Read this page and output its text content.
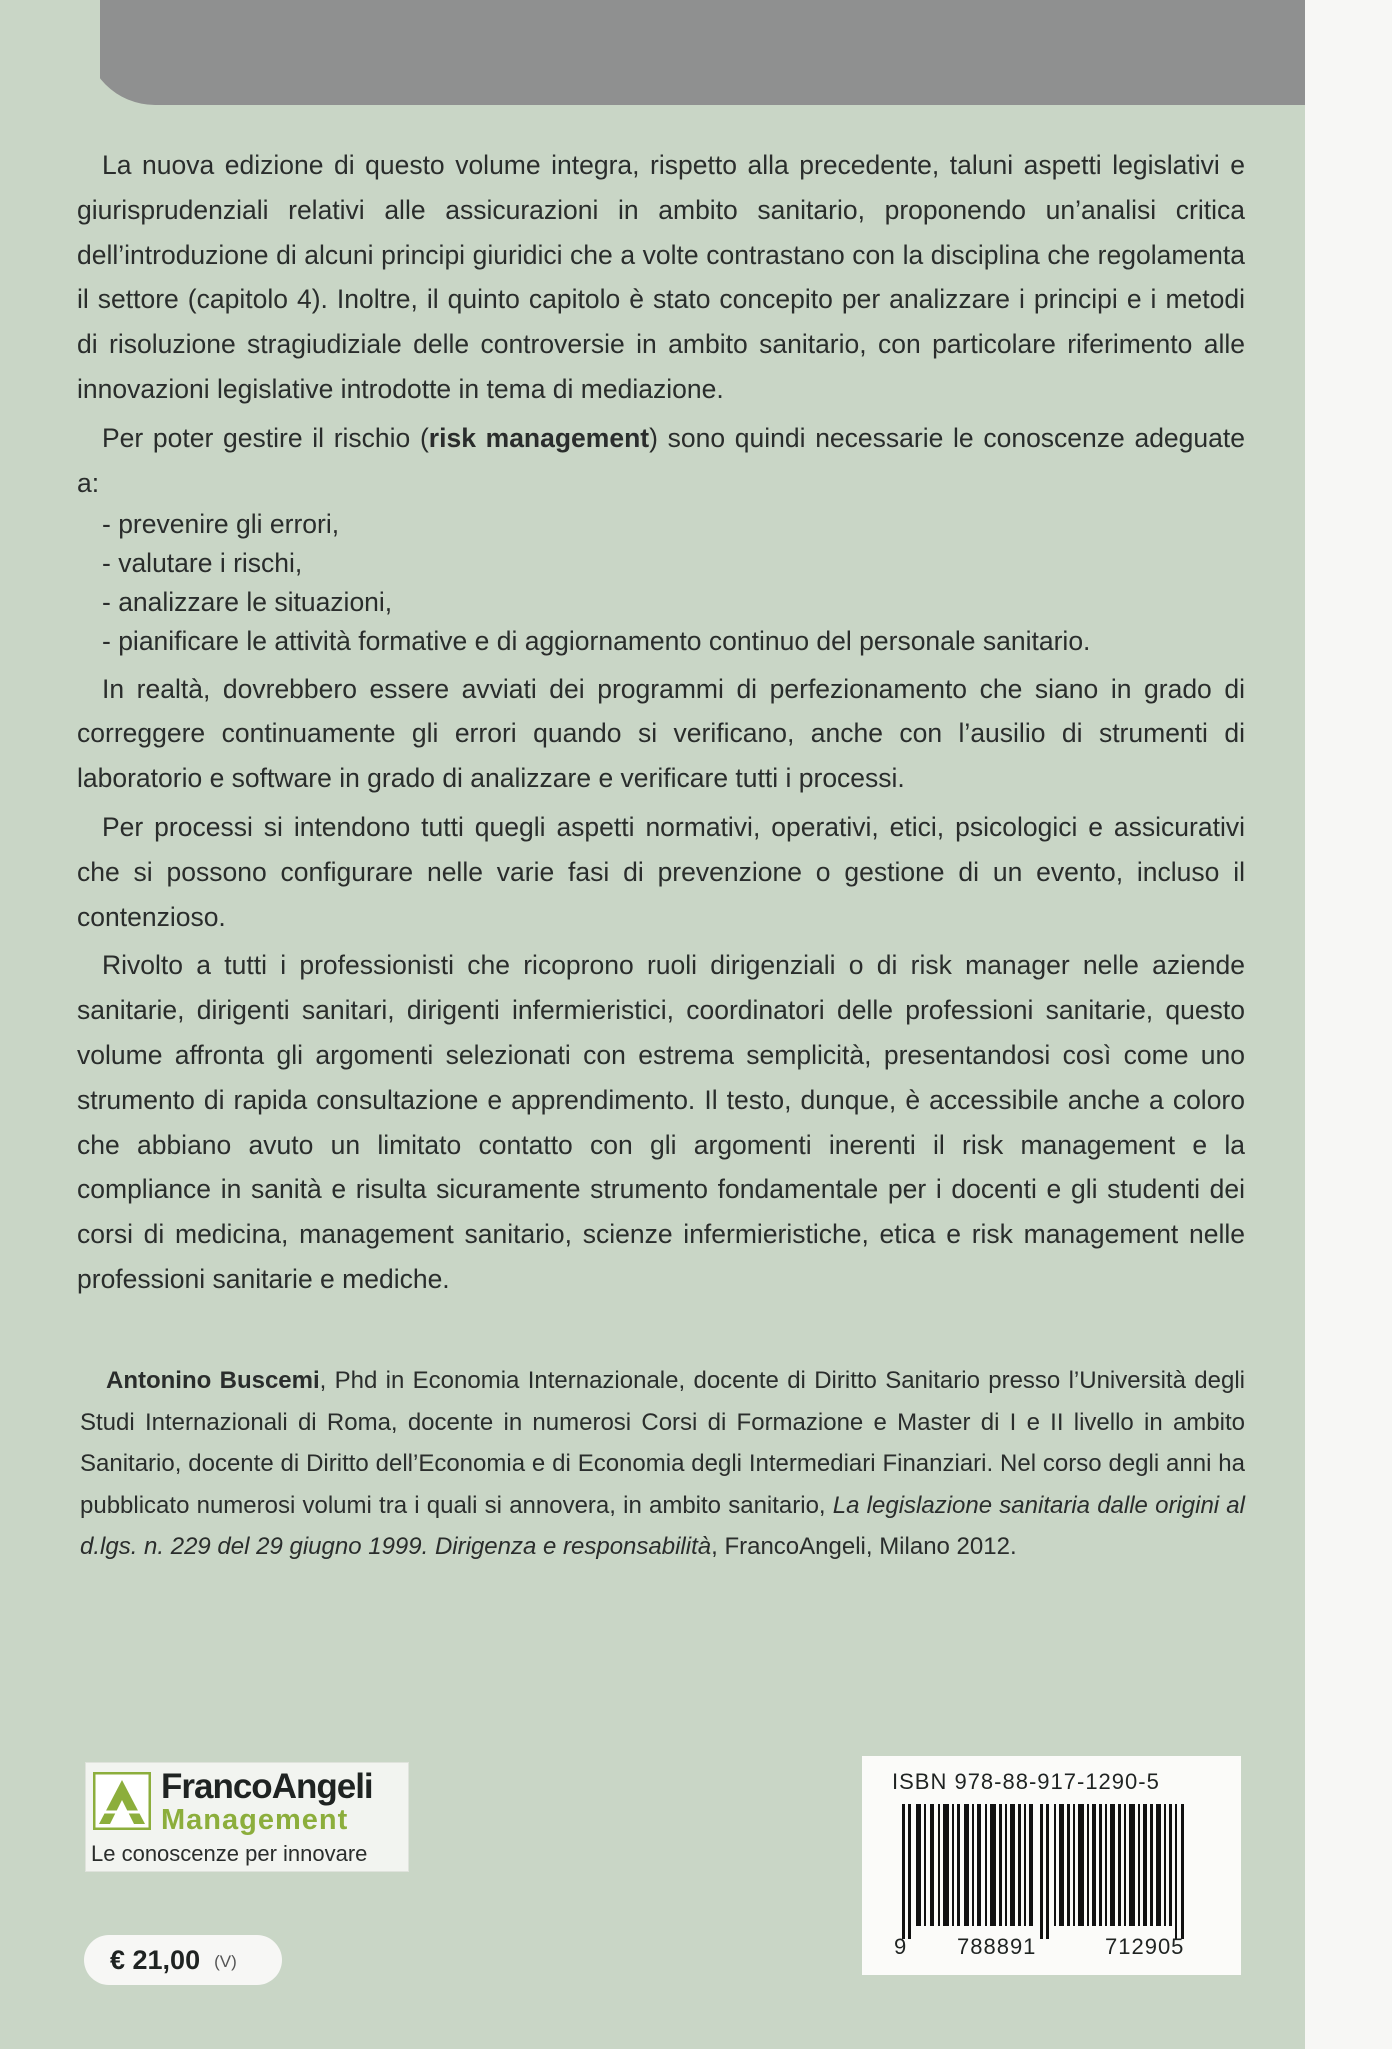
La nuova edizione di questo volume integra, rispetto alla precedente, taluni aspetti legislativi e giurisprudenziali relativi alle assicurazioni in ambito sanitario, proponendo un’analisi critica dell’introduzione di alcuni principi giuridici che a volte contrastano con la disciplina che regolamenta il settore (capitolo 4). Inoltre, il quinto capitolo è stato concepito per analizzare i principi e i metodi di risoluzione stragiudiziale delle controversie in ambito sanitario, con particolare riferimento alle innovazioni legislative introdotte in tema di mediazione.

Per poter gestire il rischio (risk management) sono quindi necessarie le conoscenze adeguate a:

- prevenire gli errori,
- valutare i rischi,
- analizzare le situazioni,
- pianificare le attività formative e di aggiornamento continuo del personale sanitario.

In realtà, dovrebbero essere avviati dei programmi di perfezionamento che siano in grado di correggere continuamente gli errori quando si verificano, anche con l’ausilio di strumenti di laboratorio e software in grado di analizzare e verificare tutti i processi.

Per processi si intendono tutti quegli aspetti normativi, operativi, etici, psicologici e assicurativi che si possono configurare nelle varie fasi di prevenzione o gestione di un evento, incluso il contenzioso.

Rivolto a tutti i professionisti che ricoprono ruoli dirigenziali o di risk manager nelle aziende sanitarie, dirigenti sanitari, dirigenti infermieristici, coordinatori delle professioni sanitarie, questo volume affronta gli argomenti selezionati con estrema semplicità, presentandosi così come uno strumento di rapida consultazione e apprendimento. Il testo, dunque, è accessibile anche a coloro che abbiano avuto un limitato contatto con gli argomenti inerenti il risk management e la compliance in sanità e risulta sicuramente strumento fondamentale per i docenti e gli studenti dei corsi di medicina, management sanitario, scienze infermieristiche, etica e risk management nelle professioni sanitarie e mediche.

Antonino Buscemi, Phd in Economia Internazionale, docente di Diritto Sanitario presso l’Università degli Studi Internazionali di Roma, docente in numerosi Corsi di Formazione e Master di I e II livello in ambito Sanitario, docente di Diritto dell’Economia e di Economia degli Intermediari Finanziari. Nel corso degli anni ha pubblicato numerosi volumi tra i quali si annovera, in ambito sanitario, La legislazione sanitaria dalle origini al d.lgs. n. 229 del 29 giugno 1999. Dirigenza e responsabilità, FrancoAngeli, Milano 2012.

FrancoAngeli
Management
Le conoscenze per innovare
€ 21,00 (V)
ISBN 978-88-917-1290-5
9 788891	712905
